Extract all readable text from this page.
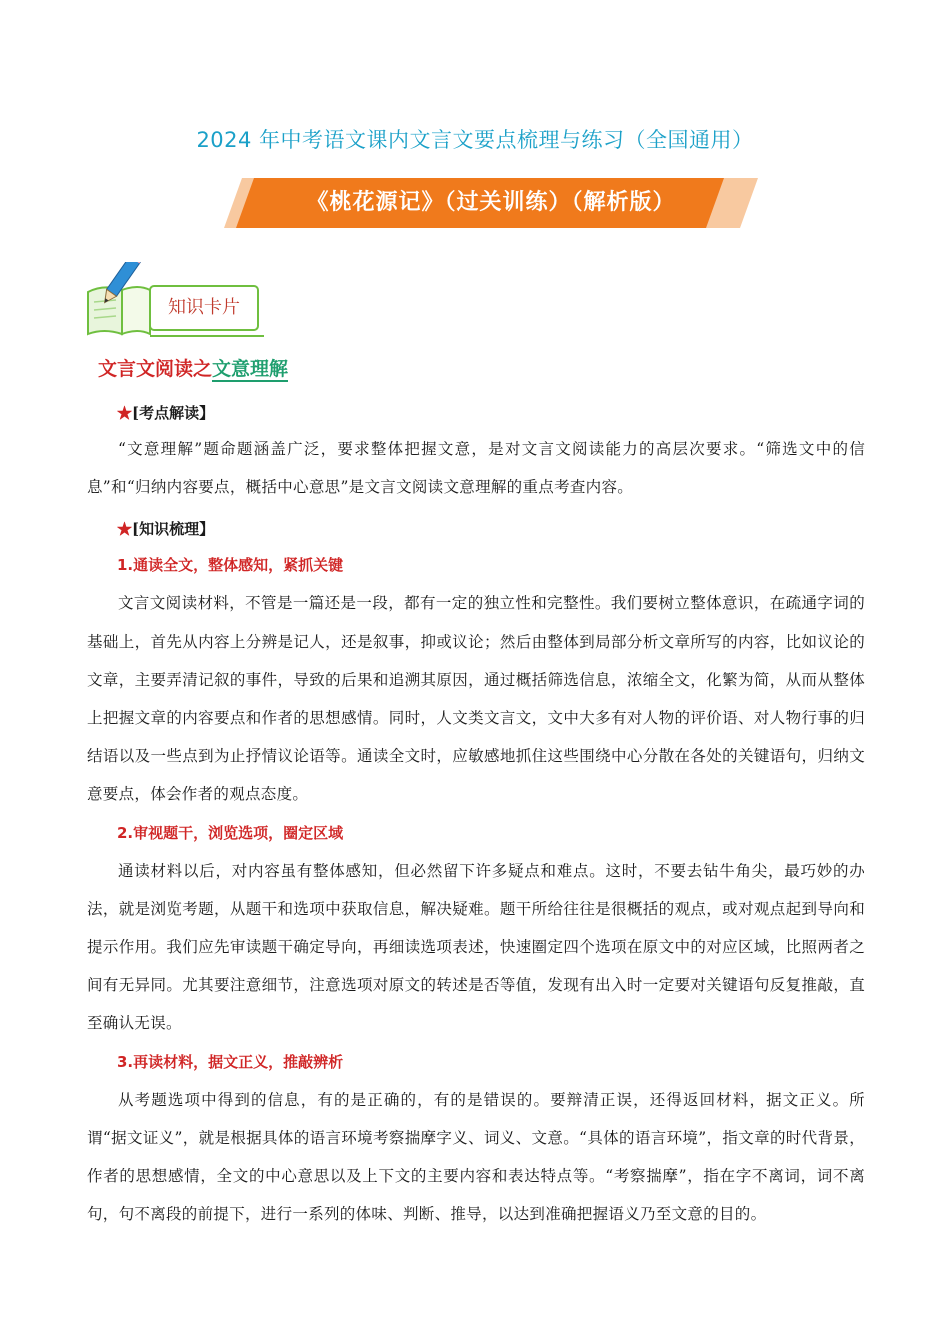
2024 年中考语文课内文言文要点梳理与练习（全国通用）
《桃花源记》（过关训练）（解析版）
知识卡片
文言文阅读之文意理解
★[考点解读】

“文意理解”题命题涵盖广泛，要求整体把握文意，是对文言文阅读能力的高层次要求。“筛选文中的信息”和“归纳内容要点，概括中心意思”是文言文阅读文意理解的重点考查内容。

★[知识梳理】
1.通读全文，整体感知，紧抓关键

文言文阅读材料，不管是一篇还是一段，都有一定的独立性和完整性。我们要树立整体意识，在疏通字词的基础上，首先从内容上分辨是记人，还是叙事，抑或议论；然后由整体到局部分析文章所写的内容，比如议论的文章，主要弄清记叙的事件，导致的后果和追溯其原因，通过概括筛选信息，浓缩全文，化繁为简，从而从整体上把握文章的内容要点和作者的思想感情。同时，人文类文言文，文中大多有对人物的评价语、对人物行事的归结语以及一些点到为止抒情议论语等。通读全文时，应敏感地抓住这些围绕中心分散在各处的关键语句，归纳文意要点，体会作者的观点态度。

2.审视题干，浏览选项，圈定区域

通读材料以后，对内容虽有整体感知，但必然留下许多疑点和难点。这时，不要去钻牛角尖，最巧妙的办法，就是浏览考题，从题干和选项中获取信息，解决疑难。题干所给往往是很概括的观点，或对观点起到导向和提示作用。我们应先审读题干确定导向，再细读选项表述，快速圈定四个选项在原文中的对应区域，比照两者之间有无异同。尤其要注意细节，注意选项对原文的转述是否等值，发现有出入时一定要对关键语句反复推敲，直至确认无误。

3.再读材料，据文正义，推敲辨析

从考题选项中得到的信息，有的是正确的，有的是错误的。要辩清正误，还得返回材料，据文正义。所谓“据文证义”，就是根据具体的语言环境考察揣摩字义、词义、文意。“具体的语言环境”，指文章的时代背景，作者的思想感情，全文的中心意思以及上下文的主要内容和表达特点等。“考察揣摩”，指在字不离词，词不离句，句不离段的前提下，进行一系列的体味、判断、推导，以达到准确把握语义乃至文意的目的。
